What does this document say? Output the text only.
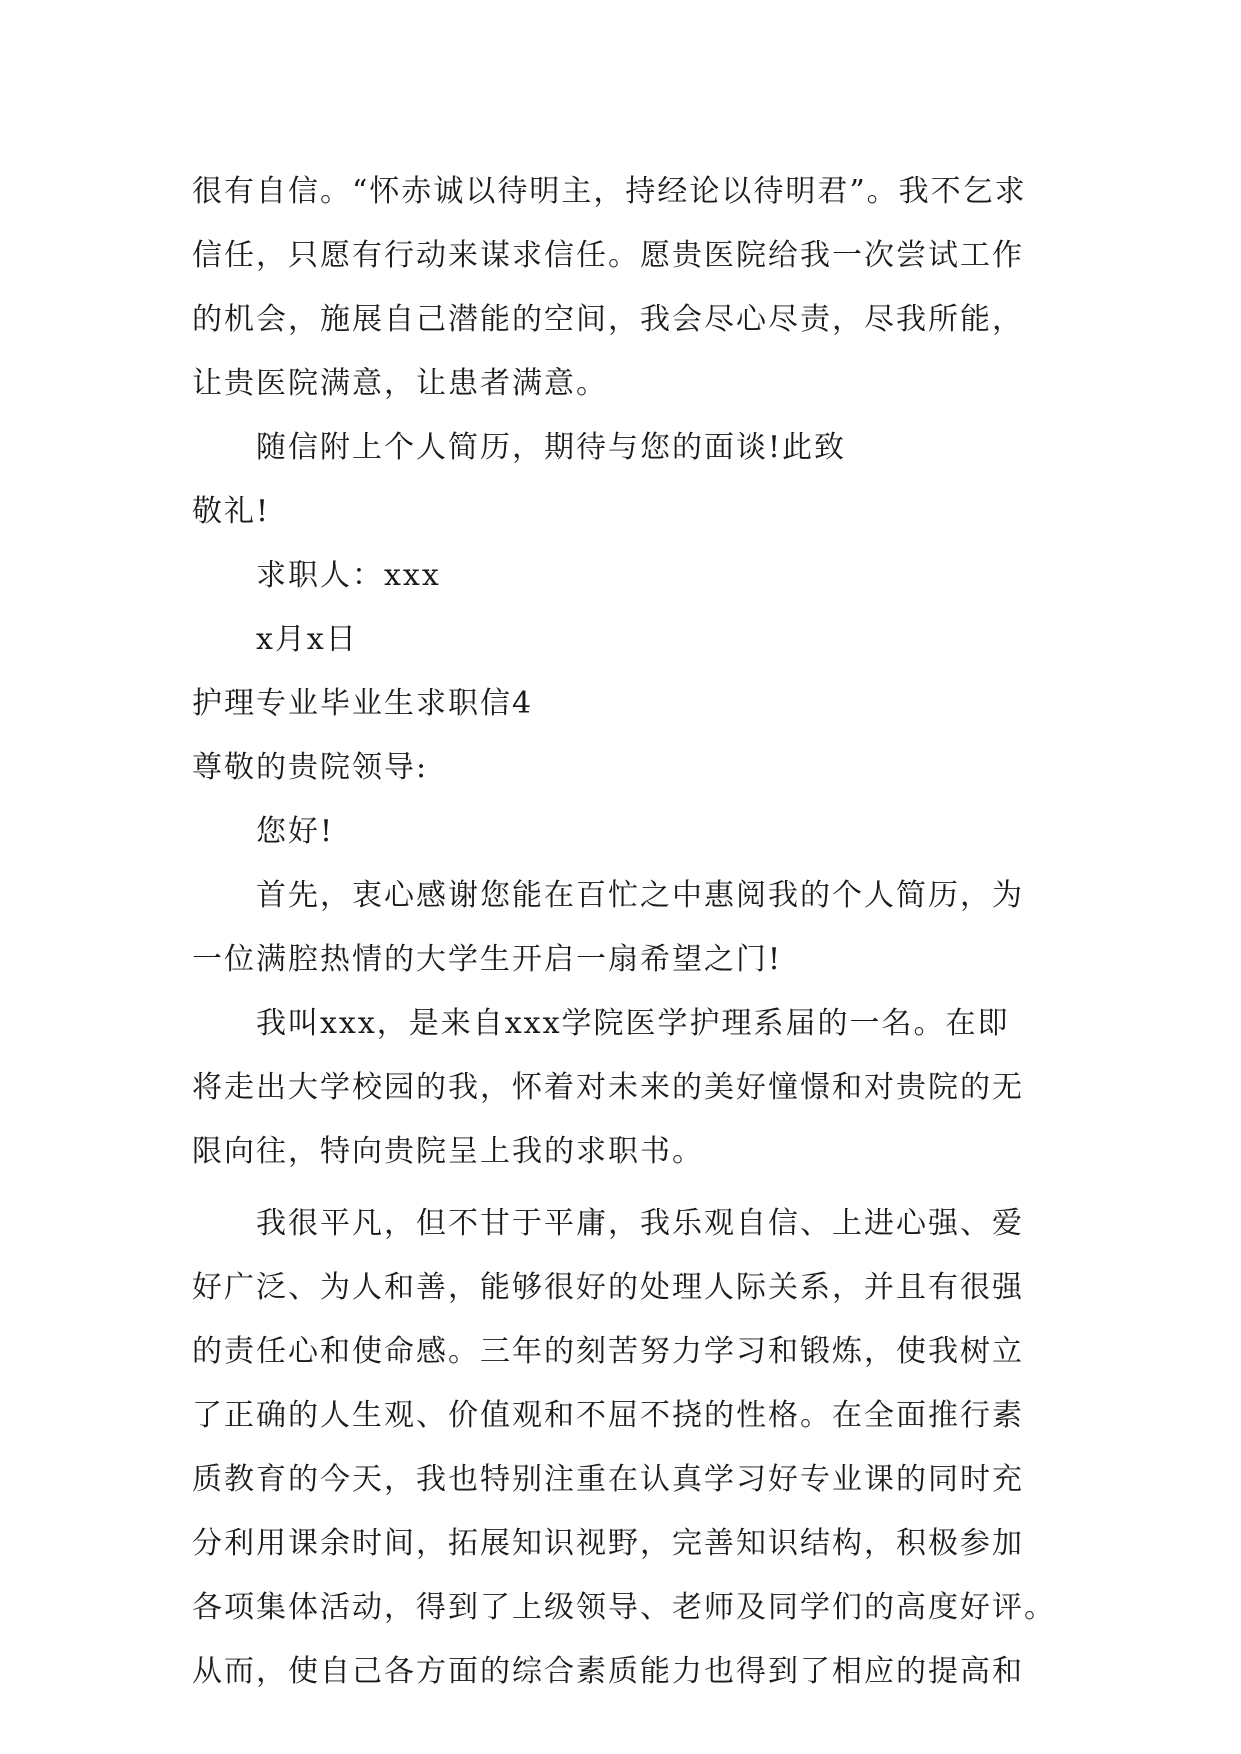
很有自信。“怀赤诚以待明主，持经论以待明君”。我不乞求
信任，只愿有行动来谋求信任。愿贵医院给我一次尝试工作
的机会，施展自己潜能的空间，我会尽心尽责，尽我所能，
让贵医院满意，让患者满意。
随信附上个人简历，期待与您的面谈!此致
敬礼!
求职人：xxx
x月x日
护理专业毕业生求职信4
尊敬的贵院领导:
您好!
首先，衷心感谢您能在百忙之中惠阅我的个人简历，为
一位满腔热情的大学生开启一扇希望之门!
我叫xxx，是来自xxx学院医学护理系届的一名。在即
将走出大学校园的我，怀着对未来的美好憧憬和对贵院的无
限向往，特向贵院呈上我的求职书。
我很平凡，但不甘于平庸，我乐观自信、上进心强、爱
好广泛、为人和善，能够很好的处理人际关系，并且有很强
的责任心和使命感。三年的刻苦努力学习和锻炼，使我树立
了正确的人生观、价值观和不屈不挠的性格。在全面推行素
质教育的今天，我也特别注重在认真学习好专业课的同时充
分利用课余时间，拓展知识视野，完善知识结构，积极参加
各项集体活动，得到了上级领导、老师及同学们的高度好评。
从而，使自己各方面的综合素质能力也得到了相应的提高和
